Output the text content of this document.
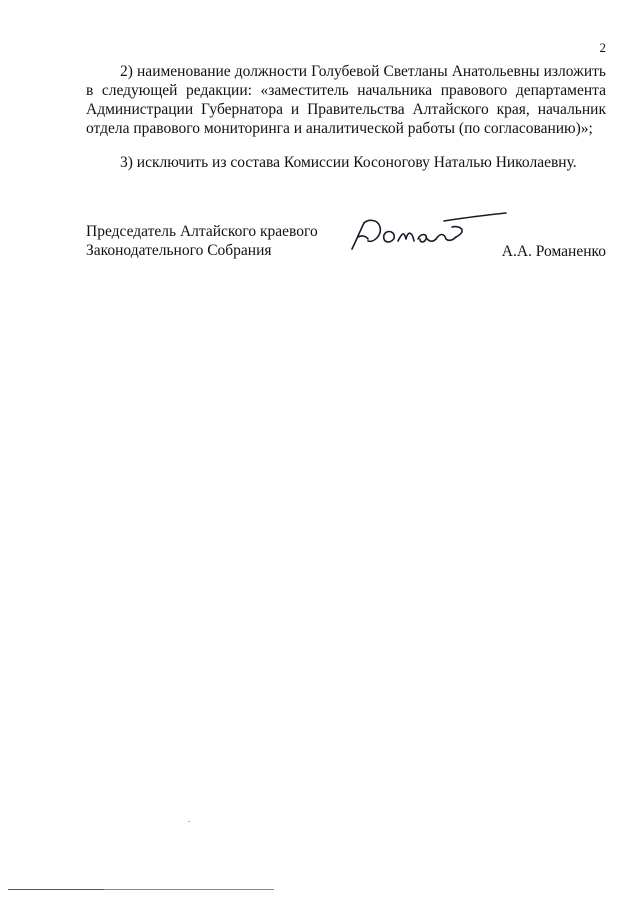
2

2) наименование должности Голубевой Светланы Анатольевны изложить в следующей редакции: «заместитель начальника правового департамента Администрации Губернатора и Правительства Алтайского края, начальник отдела правового мониторинга и аналитической работы (по согласованию)»;

3) исключить из состава Комиссии Косоногову Наталью Николаевну.

Председатель Алтайского краевого
Законодательного Собрания	А.А. Романенко
